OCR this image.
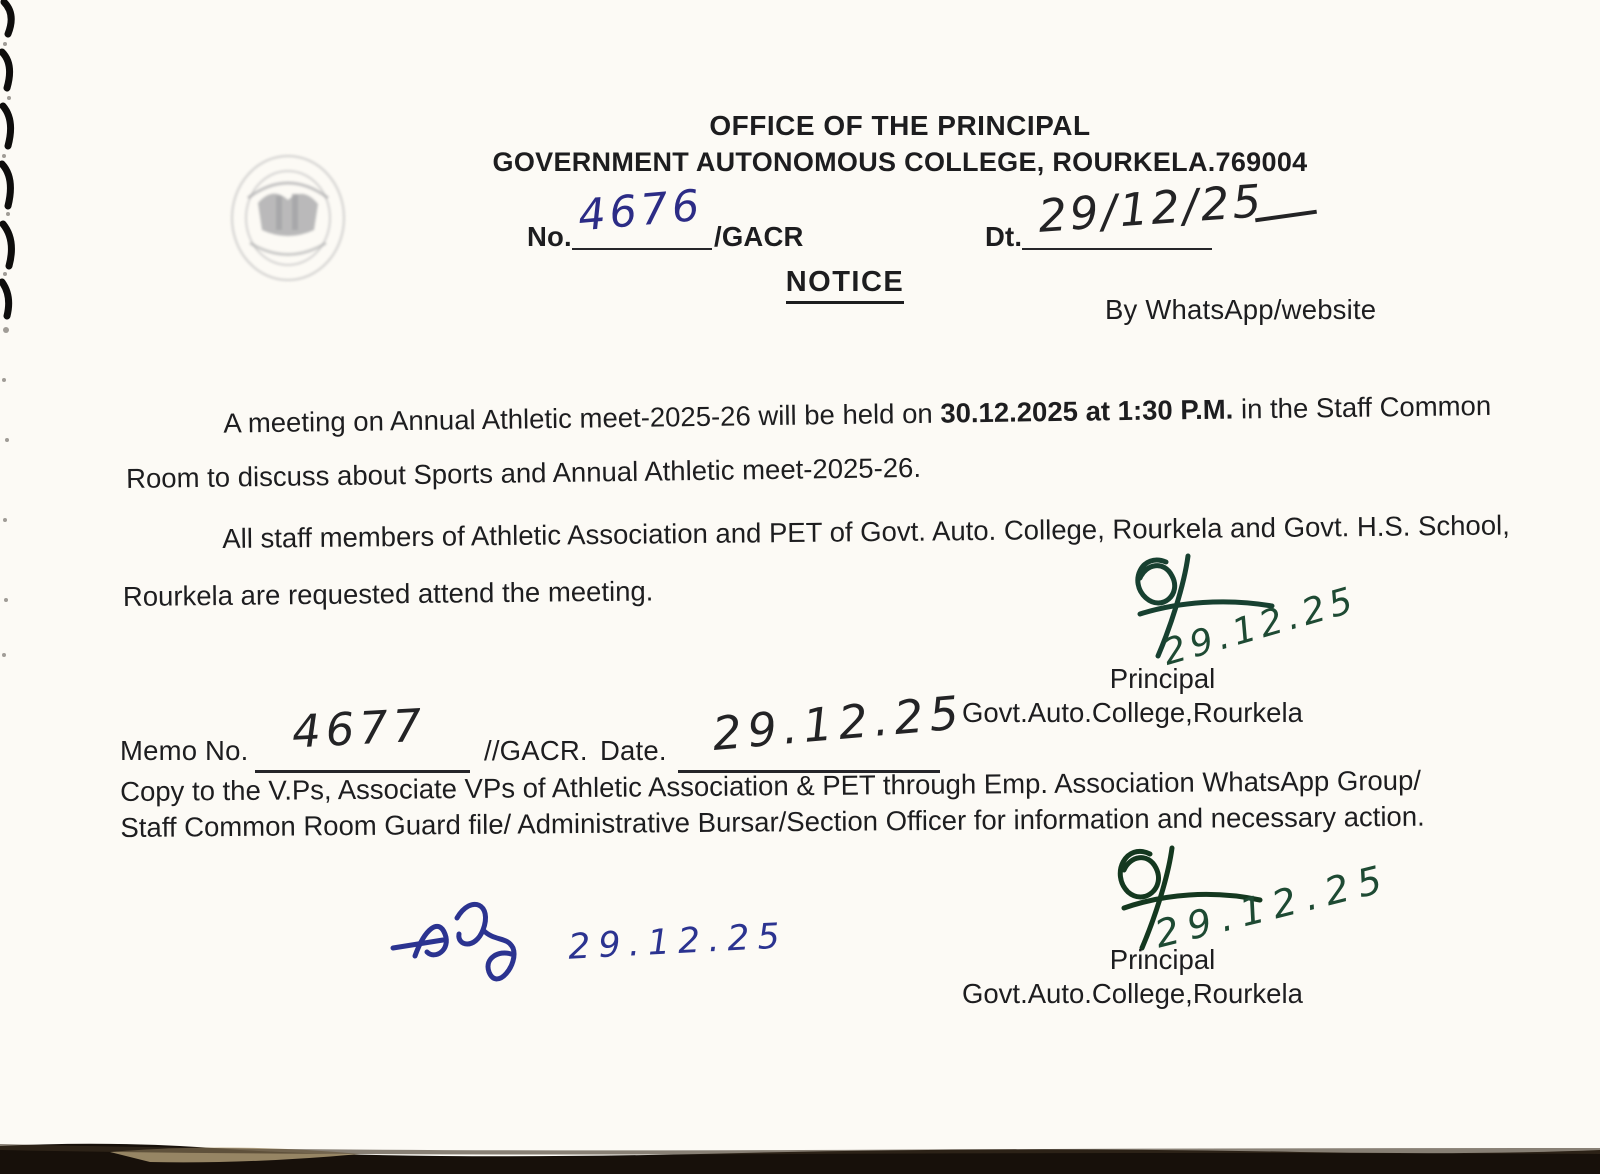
OFFICE OF THE PRINCIPAL
GOVERNMENT AUTONOMOUS COLLEGE, ROURKELA.769004
No. 4676 /GACR	Dt. 29/12/25
NOTICE
By WhatsApp/website

A meeting on Annual Athletic meet-2025-26 will be held on 30.12.2025 at 1:30 P.M. in the Staff Common Room to discuss about Sports and Annual Athletic meet-2025-26.

All staff members of Athletic Association and PET of Govt. Auto. College, Rourkela and Govt. H.S. School, Rourkela are requested attend the meeting.	29.12.25
Principal
Govt.Auto.College,Rourkela
Memo No. 4677 //GACR. Date. 29.12.25

Copy to the V.Ps, Associate VPs of Athletic Association & PET through Emp. Association WhatsApp Group/ Staff Common Room Guard file/ Administrative Bursar/Section Officer for information and necessary action.

29.12.25
Principal
Govt.Auto.College,Rourkela
29.12.25
